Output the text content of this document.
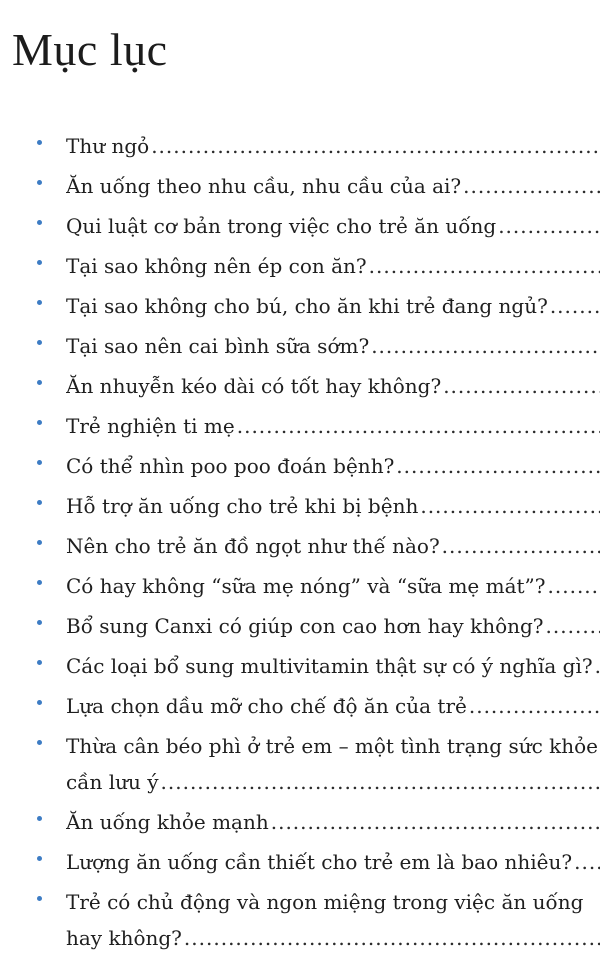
Mục lục
Thư ngỏ
.....
Ăn uống theo nhu cầu, nhu cầu của ai?
.....
Qui luật cơ bản trong việc cho trẻ ăn uống
.....
Tại sao không nên ép con ăn?
.....
Tại sao không cho bú, cho ăn khi trẻ đang ngủ?
.....
Tại sao nên cai bình sữa sớm?
.....
Ăn nhuyễn kéo dài có tốt hay không?
.....
Trẻ nghiện ti mẹ
.....
Có thể nhìn poo poo đoán bệnh?
.....
Hỗ trợ ăn uống cho trẻ khi bị bệnh
.....
Nên cho trẻ ăn đồ ngọt như thế nào?
.....
Có hay không “sữa mẹ nóng” và “sữa mẹ mát”?
.....
Bổ sung Canxi có giúp con cao hơn hay không?
.....
Các loại bổ sung multivitamin thật sự có ý nghĩa gì?
.....
Lựa chọn dầu mỡ cho chế độ ăn của trẻ
.....
Thừa cân béo phì ở trẻ em – một tình trạng sức khỏe
cần lưu ý
.....
Ăn uống khỏe mạnh
.....
Lượng ăn uống cần thiết cho trẻ em là bao nhiêu?
.....
Trẻ có chủ động và ngon miệng trong việc ăn uống
hay không?
.....
